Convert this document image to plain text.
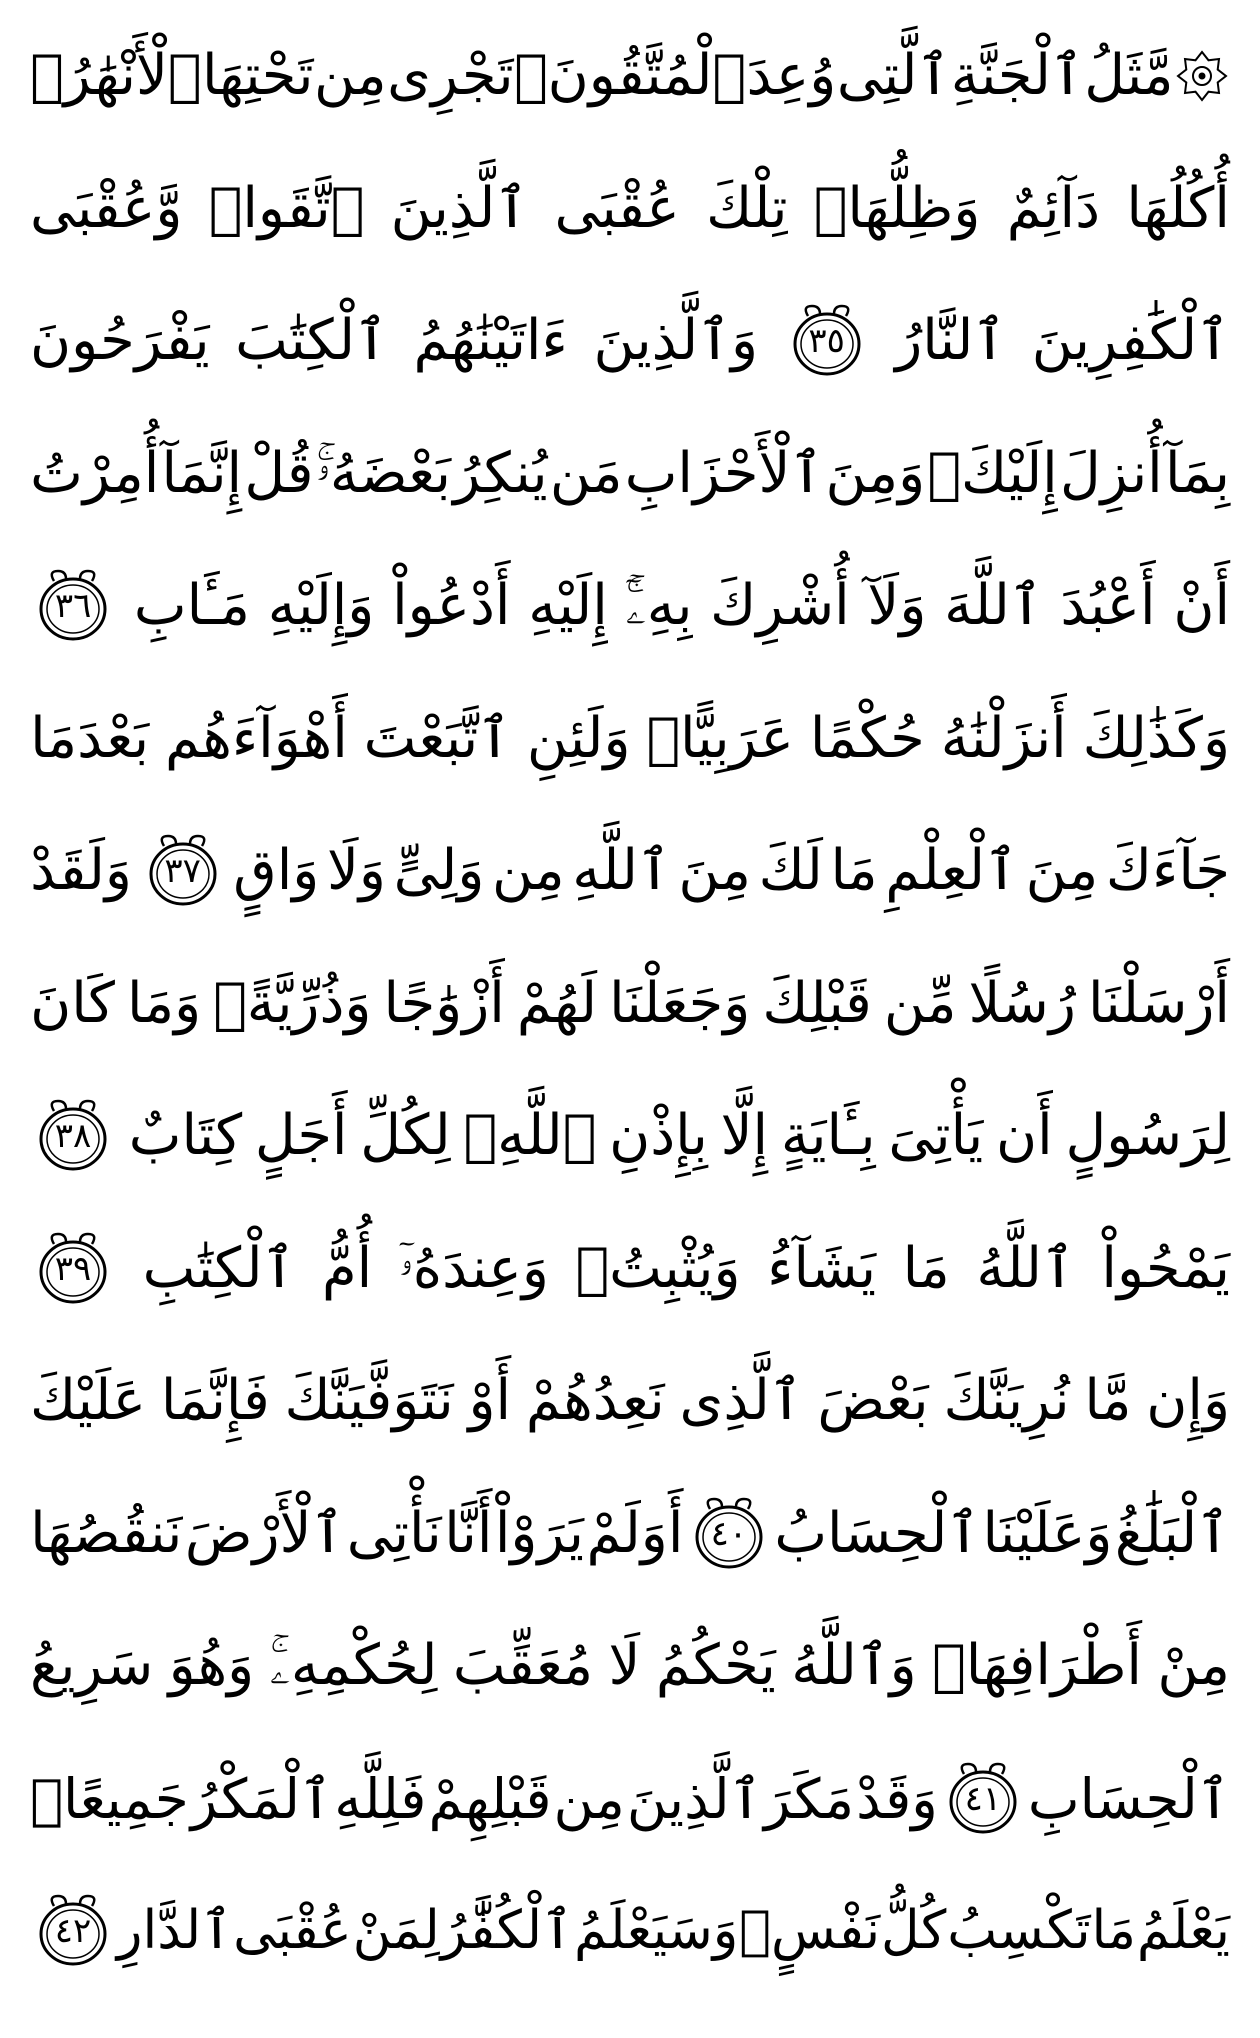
مَّثَلُ
ٱلْجَنَّةِ
ٱلَّتِى
وُعِدَ
ٱلْمُتَّقُونَۖ
تَجْرِى
مِن
تَحْتِهَا
ٱلْأَنْهَٰرُۖ
أُكُلُهَا
دَآئِمٌ
وَظِلُّهَاۚ
تِلْكَ
عُقْبَى
ٱلَّذِينَ
ٱتَّقَواۖ
وَّعُقْبَى
ٱلْكَٰفِرِينَ
ٱلنَّارُ
٣٥
وَٱلَّذِينَ
ءَاتَيْنَٰهُمُ
ٱلْكِتَٰبَ
يَفْرَحُونَ
بِمَآ
أُنزِلَ
إِلَيْكَۖ
وَمِنَ
ٱلْأَحْزَابِ
مَن
يُنكِرُ
بَعْضَهُۥۚ
قُلْ
إِنَّمَآ
أُمِرْتُ
أَنْ
أَعْبُدَ
ٱللَّهَ
وَلَآ
أُشْرِكَ
بِهِۦٓۚ
إِلَيْهِ
أَدْعُواْ
وَإِلَيْهِ
مَـَٔابِ
٣٦
وَكَذَٰلِكَ
أَنزَلْنَٰهُ
حُكْمًا
عَرَبِيًّاۚ
وَلَئِنِ
ٱتَّبَعْتَ
أَهْوَآءَهُم
بَعْدَمَا
جَآءَكَ
مِنَ
ٱلْعِلْمِ
مَا
لَكَ
مِنَ
ٱللَّهِ
مِن
وَلِىٍّ
وَلَا
وَاقٍ
٣٧
وَلَقَدْ
أَرْسَلْنَا
رُسُلًا
مِّن
قَبْلِكَ
وَجَعَلْنَا
لَهُمْ
أَزْوَٰجًا
وَذُرِّيَّةًۚ
وَمَا
كَانَ
لِرَسُولٍ
أَن
يَأْتِىَ
بِـَٔايَةٍ
إِلَّا
بِإِذْنِ
ٱللَّهِۗ
لِكُلِّ
أَجَلٍ
كِتَابٌ
٣٨
يَمْحُواْ
ٱللَّهُ
مَا
يَشَآءُ
وَيُثْبِتُۖ
وَعِندَهُۥٓ
أُمُّ
ٱلْكِتَٰبِ
٣٩
وَإِن
مَّا
نُرِيَنَّكَ
بَعْضَ
ٱلَّذِى
نَعِدُهُمْ
أَوْ
نَتَوَفَّيَنَّكَ
فَإِنَّمَا
عَلَيْكَ
ٱلْبَلَٰغُ
وَعَلَيْنَا
ٱلْحِسَابُ
٤٠
أَوَلَمْ
يَرَوْاْ
أَنَّا
نَأْتِى
ٱلْأَرْضَ
نَنقُصُهَا
مِنْ
أَطْرَافِهَاۚ
وَٱللَّهُ
يَحْكُمُ
لَا
مُعَقِّبَ
لِحُكْمِهِۦۚ
وَهُوَ
سَرِيعُ
ٱلْحِسَابِ
٤١
وَقَدْ
مَكَرَ
ٱلَّذِينَ
مِن
قَبْلِهِمْ
فَلِلَّهِ
ٱلْمَكْرُ
جَمِيعًاۖ
يَعْلَمُ
مَا
تَكْسِبُ
كُلُّ
نَفْسٍۗ
وَسَيَعْلَمُ
ٱلْكُفَّٰرُ
لِمَنْ
عُقْبَى
ٱلدَّارِ
٤٢
